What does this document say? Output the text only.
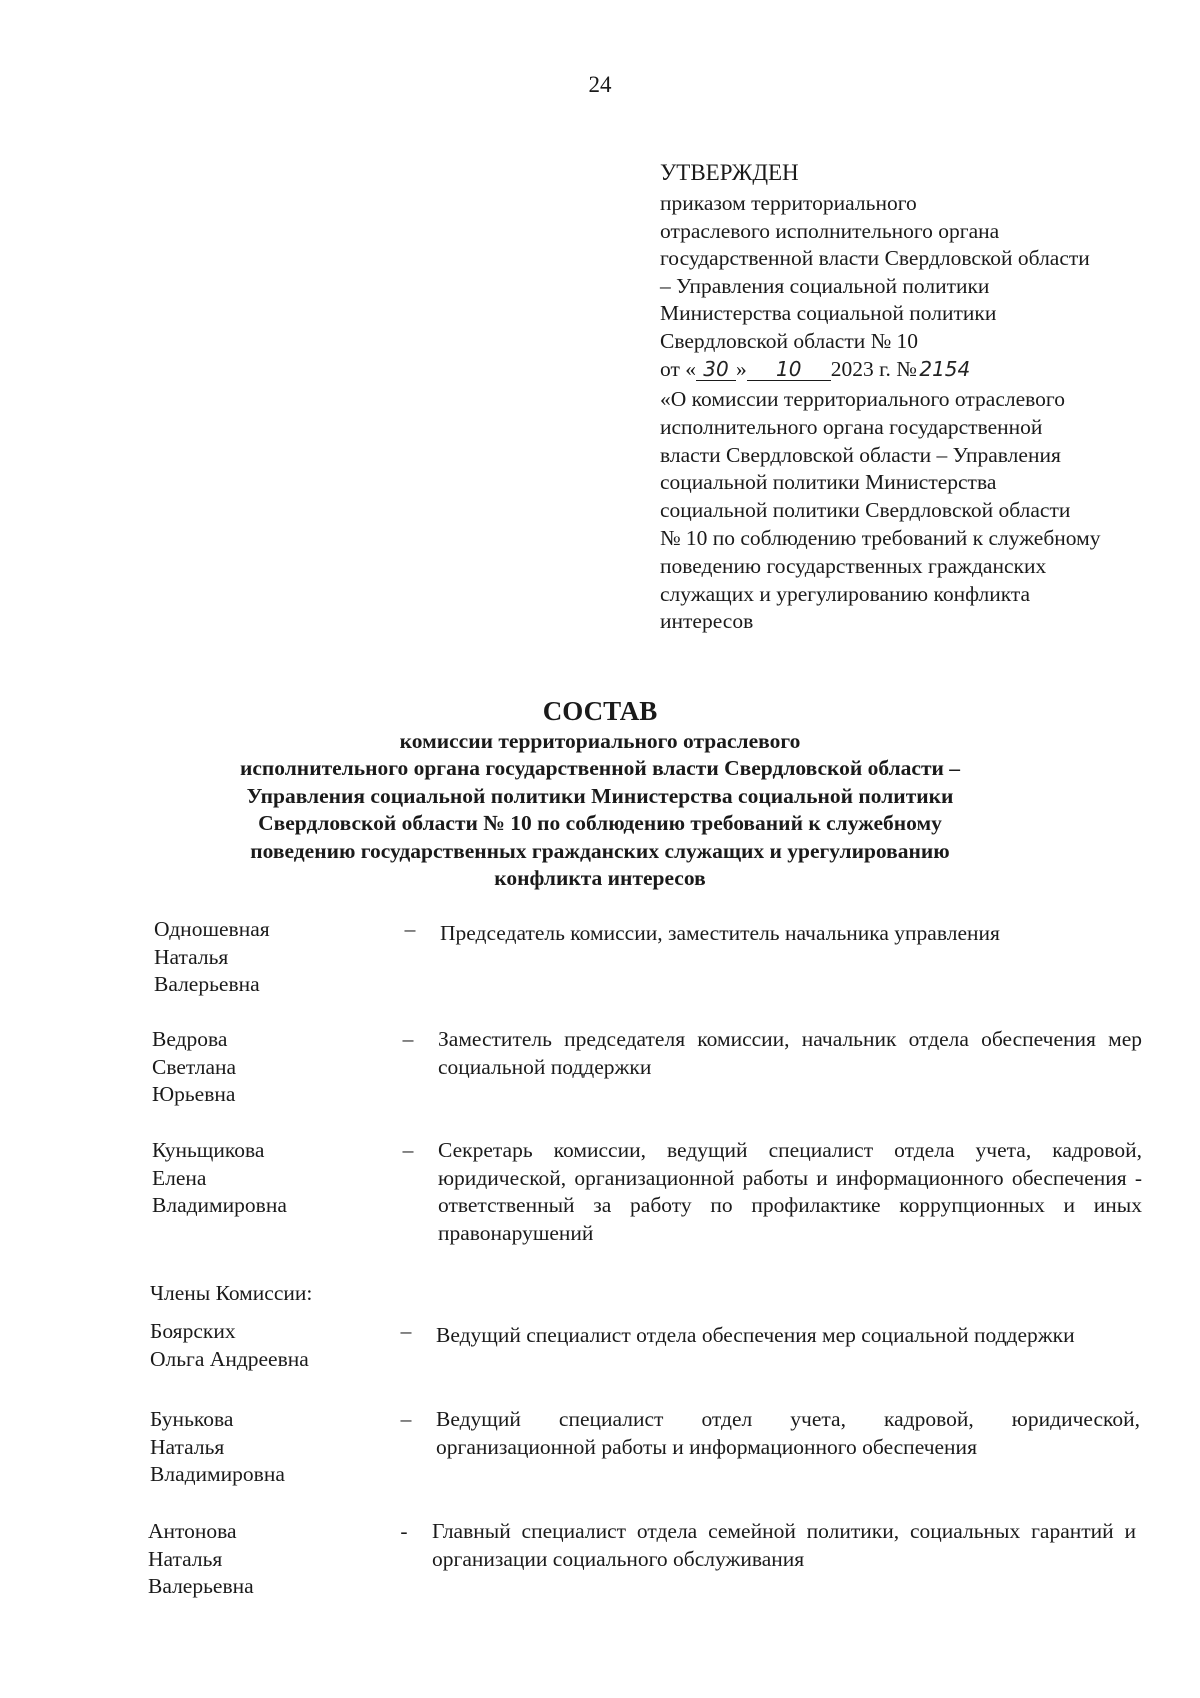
24
УТВЕРЖДЕН
приказом территориального
отраслевого исполнительного органа
государственной власти Свердловской области
– Управления социальной политики
Министерства социальной политики
Свердловской области № 10
от « 30 » 10 2023 г. № 2154
«О комиссии территориального отраслевого
исполнительного органа государственной
власти Свердловской области – Управления
социальной политики Министерства
социальной политики Свердловской области
№ 10 по соблюдению требований к служебному
поведению государственных гражданских
служащих и урегулированию конфликта
интересов
СОСТАВ
комиссии территориального отраслевого
исполнительного органа государственной власти Свердловской области –
Управления социальной политики Министерства социальной политики
Свердловской области № 10 по соблюдению требований к служебному
поведению государственных гражданских служащих и урегулированию
конфликта интересов
Одношевная
Наталья
Валерьевна
– Председатель комиссии, заместитель начальника управления
Ведрова
Светлана
Юрьевна
– Заместитель председателя комиссии, начальник отдела обеспечения мер социальной поддержки
Куньщикова
Елена
Владимировна
– Секретарь комиссии, ведущий специалист отдела учета, кадровой, юридической, организационной работы и информационного обеспечения - ответственный за работу по профилактике коррупционных и иных правонарушений
Члены Комиссии:
Боярских
Ольга Андреевна
– Ведущий специалист отдела обеспечения мер социальной поддержки
Бунькова
Наталья
Владимировна
– Ведущий специалист отдел учета, кадровой, юридической, организационной работы и информационного обеспечения
Антонова
Наталья
Валерьевна
- Главный специалист отдела семейной политики, социальных гарантий и организации социального обслуживания
